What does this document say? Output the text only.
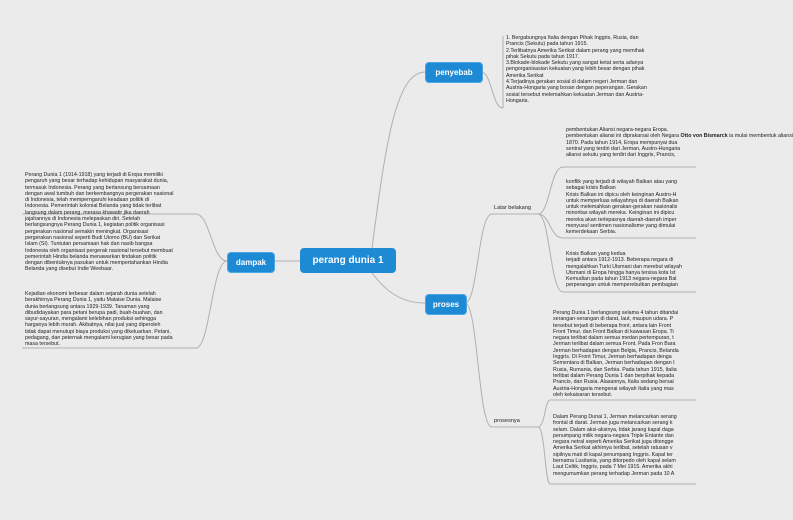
perang dunia 1
penyebab
dampak
proses
1. Bergabungnya Italia dengan Pihak Inggris, Rusia, dan
Prancis (Sekutu) pada tahun 1915.
2.Terlibatnya Amerika Serikat dalam perang yang memihak
pihak Sekutu pada tahun 1917.
3.Blokade-blokade Sekutu yang sangat ketat serta adanya
pengorganisasian kekuatan yang lebih besar dengan pihak
Amerika Serikat
4.Terjadinya gerakan sosial di dalam negeri Jerman dan
Austria-Hongaria yang bosan dengan peperangan. Gerakan
sosial tersebut melemahkan kekuatan Jerman dan Austria-
Hongaria.
Perang Dunia 1 (1914-1918) yang terjadi di Eropa memiliki
pengaruh yang besar terhadap kehidupan masyarakat dunia,
termasuk Indonesia. Perang yang berlansung bersamaan
dengan awal tumbuh dan berkembangnya pergerakan nasional
di Indonesia, telah memperngaruhi keadaan politik di
Indonesia. Pemerintah kolonial Belanda yang tidak terlibat
langsung dalam perang, merasa khawatir jika daerah
jajahannya di Indonesia melepaskan diri. Setelah
berlangsungnya Perang Dunia 1, kegiatan politik organisasi
pergerakan nasional semakin meningkat. Organisasi
pergerakan nasional seperti Budi Utomo (BU) dan Serikat
Islam (SI). Tuntutan persamaan hak dan nasib bangsa
Indonesia oleh organisasi pergerak nasional tersebut membuat
pemerintah Hindia belanda menawarkan tindakan politik
dengan dibentuknya pasukan untuk mempertahankan Hindia
Belanda yang disebut Indie Weebaar.
Kejadian ekonomi terbesar dalam sejarah dunia setelah
berakhirnya Perang Dunia 1, yaitu Malaise Dunia. Malaise
dunia berlangsung antara 1929-1939. Tanaman yang
dibudidayakan para petani berupa padi, buah-buahan, dan
sayur-sayuran, mengalami kelebihan produksi sehingga
harganya lebih murah. Akibatnya, nilai jual yang diperoleh
tidak dapat menutupi biaya produksi yang dikeluarkan. Petani,
pedagang, dan peternak mengalami kerugian yang besar pada
masa tersebut.
Latar belakang
prosesnya
pembentukan Aliansi negara-negara Eropa.
pembentukan aliansi ini diprakarsai oleh Negara Otto von Bismarck ia mulai membentuk aliansi
1870. Pada tahun 1914, Eropa mempunyai dua
sentral yang terdiri dari Jerman, Austro-Hungaria
aliansi sekutu yang terdiri dari Inggris, Prancis,
konflik yang terjadi di wilayah Balkan atau yang
sebagai krisis Balkan
Krisis Balkan ini dipicu oleh keinginan Austro-H
untuk memperluas wilayahnya di daerah Balkan
untuk melemahkan gerakan-gerakan nasionalis
minoritas wilayah mereka. Keinginan ini dipicu
mereka akan terlepasnya daerah-daerah imper
menyusul sentimen nasionalisme yang dimulai
kemerdekaan Serbia.
Krisis Balkan yang kedua
terjadi antara 1912-1913. Beberapa negara di
mengalahkan Turki Utsmani dan merebut wilayah
Utsmani di Eropa hingga hanya tersisa kota Ist
Kemudian pada tahun 1913 negara-negara Bal
perperangan untuk memperebutkan pembagian
Perang Dunia 1 berlangsung selama 4 tahun ditandai
serangan-serangan di darat, laut, maupun udara. P
tersebut terjadi di beberapa front, antara lain Front
Front Timur, dan Front Balkan di kawasan Eropa. Ti
negara terlibat dalam semua medan pertempuran, t
Jerman terlibat dalam semua Front. Pada Fron Bara
Jerman berhadapan dengan Belgia, Prancis, Belanda
Inggris. Di Front Timur, Jerman berhadapan denga
Sementara di Balkan, Jerman berhadapan dengan I
Rusia, Rumania, dan Serbia. Pada tahun 1915, Italia
terlibat dalam Perang Dunia 1 dan berpihak kepada
Prancis, dan Rusia. Alasannya, Italia sedang bersai
Austria-Hongaria mengenai wilayah Italia yang mas
oleh kekaisaran tersebut.
Dalam Perang Dunai 1, Jerman melancarkan serang
frontal di darat. Jerman juga melancarkan serang k
selam. Dalam aksi-aksinya, tidak jarang kapal daga
penumpang milik negara-negara Triple Entante dan
negara netral seperti Amerika Serikat juga ditengge
Amerika Serikat akhirnya terlibat, setelah ratusan v
sipilnya mati di kapal penumpang Inggris. Kapal ter
bernama Lusitania, yang ditorpedo oleh kapal selam
Laut Celtik, Inggris, pada 7 Mei 1915. Amerika akhi
mengumumkan perang terhadap Jerman pada 10 A
